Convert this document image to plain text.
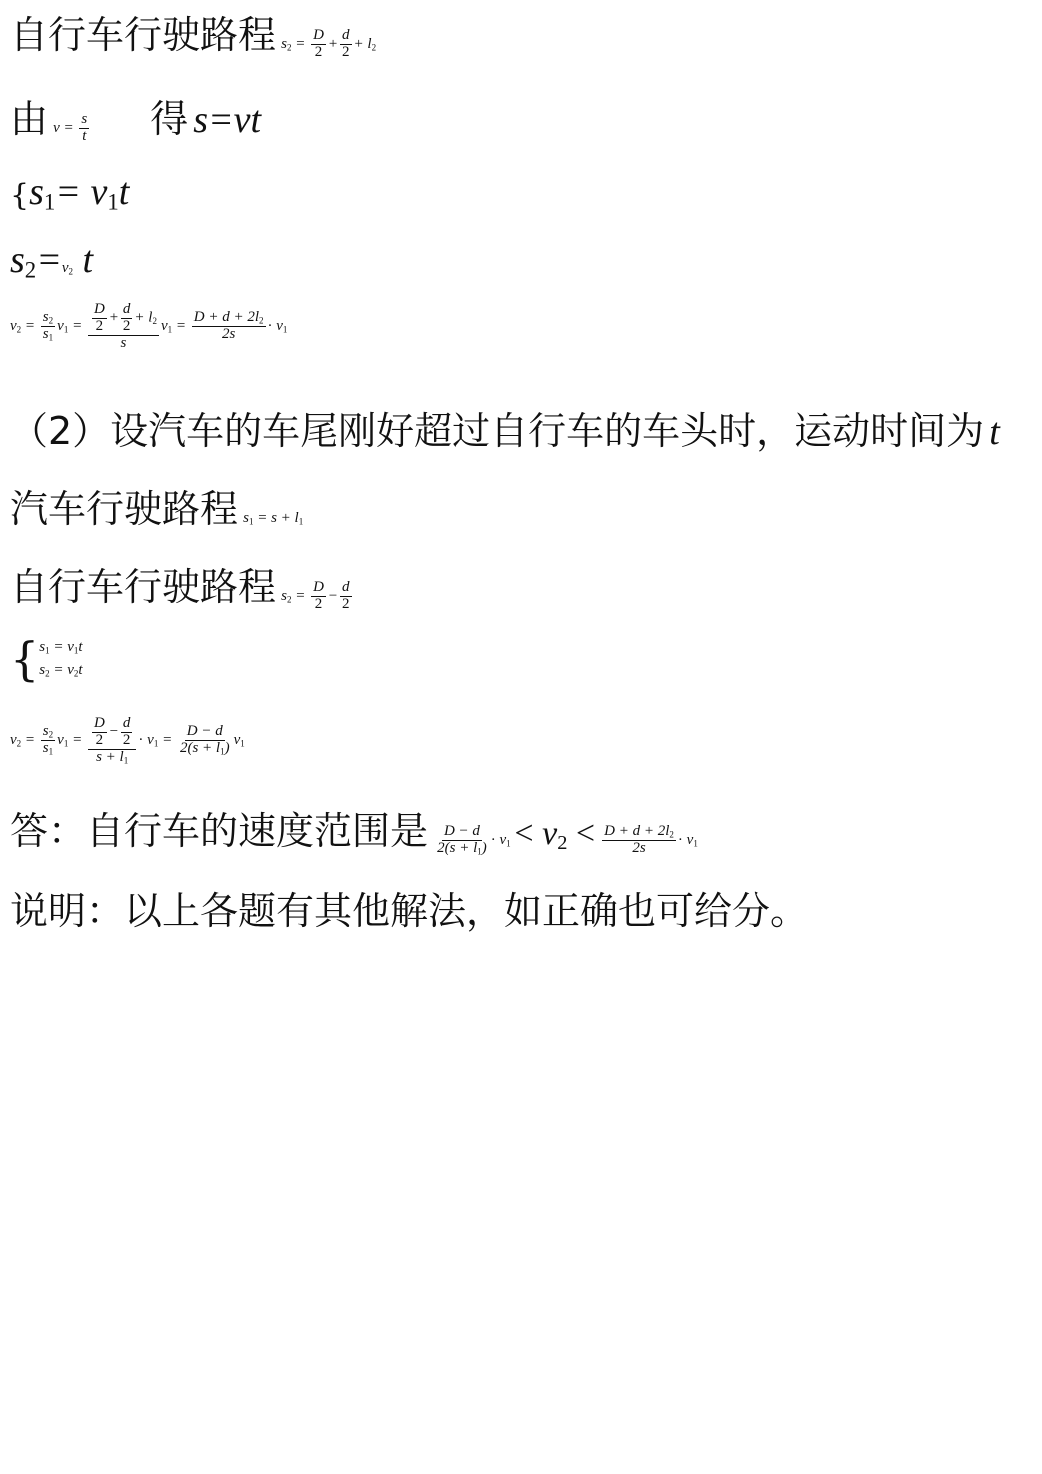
自行车行驶路程 $s_2 = \frac{D}{2} + \frac{d}{2} + l_2$
由 $v = \frac{s}{t}$ 得 s=vt
{$s_1= v_1t$
$s_2=v_2$ t
$v_2 = \frac{s_2}{s_1} v_1 = \frac{\frac{D}{2} + \frac{d}{2} + l_2}{s} v_1 = \frac{D + d + 2l_2}{2s} \cdot v_1$
（2）设汽车的车尾刚好超过自行车的车头时，运动时间为 t
汽车行驶路程 $s_1 = s + l_1$
自行车行驶路程 $s_2 = \frac{D}{2} - \frac{d}{2}$
{ $s_1 = v_1t$
$s_2 = v_2t$
$v_2 = \frac{s_2}{s_1} v_1 = \frac{\frac{D}{2} - \frac{d}{2}}{s + l_1} \cdot v_1 = \frac{D - d}{2(s + l_1)} v_1$
答：自行车的速度范围是 $\frac{D - d}{2(s + l_1)} \cdot v_1 < v_2 < \frac{D + d + 2l_2}{2s} \cdot v_1$
说明：以上各题有其他解法，如正确也可给分。
